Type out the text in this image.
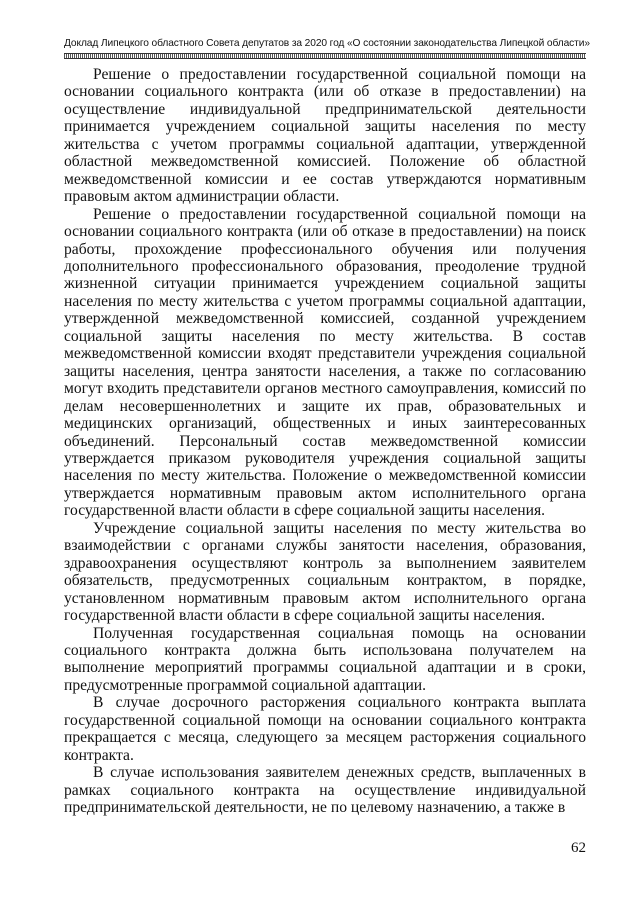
Доклад Липецкого областного Совета депутатов за 2020 год «О состоянии законодательства Липецкой области»

Решение о предоставлении государственной социальной помощи на основании социального контракта (или об отказе в предоставлении) на осуществление индивидуальной предпринимательской деятельности принимается учреждением социальной защиты населения по месту жительства с учетом программы социальной адаптации, утвержденной областной межведомственной комиссией. Положение об областной межведомственной комиссии и ее состав утверждаются нормативным правовым актом администрации области.

Решение о предоставлении государственной социальной помощи на основании социального контракта (или об отказе в предоставлении) на поиск работы, прохождение профессионального обучения или получения дополнительного профессионального образования, преодоление трудной жизненной ситуации принимается учреждением социальной защиты населения по месту жительства с учетом программы социальной адаптации, утвержденной межведомственной комиссией, созданной учреждением социальной защиты населения по месту жительства. В состав межведомственной комиссии входят представители учреждения социальной защиты населения, центра занятости населения, а также по согласованию могут входить представители органов местного самоуправления, комиссий по делам несовершеннолетних и защите их прав, образовательных и медицинских организаций, общественных и иных заинтересованных объединений. Персональный состав межведомственной комиссии утверждается приказом руководителя учреждения социальной защиты населения по месту жительства. Положение о межведомственной комиссии утверждается нормативным правовым актом исполнительного органа государственной власти области в сфере социальной защиты населения.

Учреждение социальной защиты населения по месту жительства во взаимодействии с органами службы занятости населения, образования, здравоохранения осуществляют контроль за выполнением заявителем обязательств, предусмотренных социальным контрактом, в порядке, установленном нормативным правовым актом исполнительного органа государственной власти области в сфере социальной защиты населения.

Полученная государственная социальная помощь на основании социального контракта должна быть использована получателем на выполнение мероприятий программы социальной адаптации и в сроки, предусмотренные программой социальной адаптации.

В случае досрочного расторжения социального контракта выплата государственной социальной помощи на основании социального контракта прекращается с месяца, следующего за месяцем расторжения социального контракта.

В случае использования заявителем денежных средств, выплаченных в рамках социального контракта на осуществление индивидуальной предпринимательской деятельности, не по целевому назначению, а также в

62
